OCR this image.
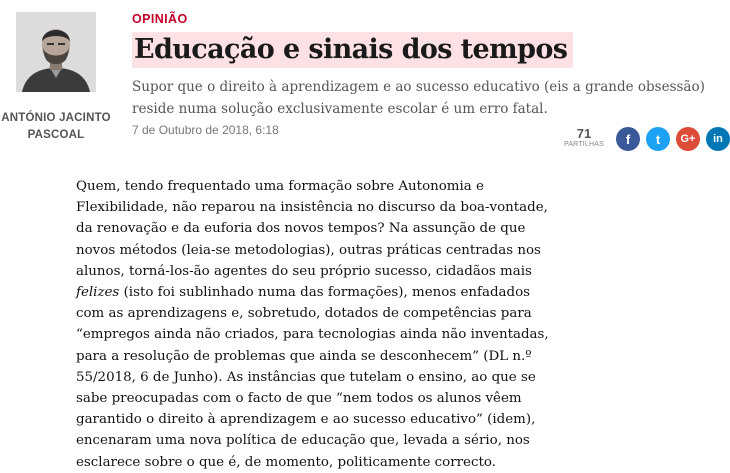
ANTÓNIO JACINTO
PASCOAL
OPINIÃO
Educação e sinais dos tempos
Supor que o direito à aprendizagem e ao sucesso educativo (eis a grande obsessão) reside numa solução exclusivamente escolar é um erro fatal.
7 de Outubro de 2018, 6:18	71
PARTILHAS f t G+ in

Quem, tendo frequentado uma formação sobre Autonomia e Flexibilidade, não reparou na insistência no discurso da boa-vontade, da renovação e da euforia dos novos tempos? Na assunção de que novos métodos (leia-se metodologias), outras práticas centradas nos alunos, torná-los-ão agentes do seu próprio sucesso, cidadãos mais felizes (isto foi sublinhado numa das formações), menos enfadados com as aprendizagens e, sobretudo, dotados de competências para “empregos ainda não criados, para tecnologias ainda não inventadas, para a resolução de problemas que ainda se desconhecem” (DL n.º 55/2018, 6 de Junho). As instâncias que tutelam o ensino, ao que se sabe preocupadas com o facto de que “nem todos os alunos vêem garantido o direito à aprendizagem e ao sucesso educativo” (idem), encenaram uma nova política de educação que, levada a sério, nos esclarece sobre o que é, de momento, politicamente correcto.
